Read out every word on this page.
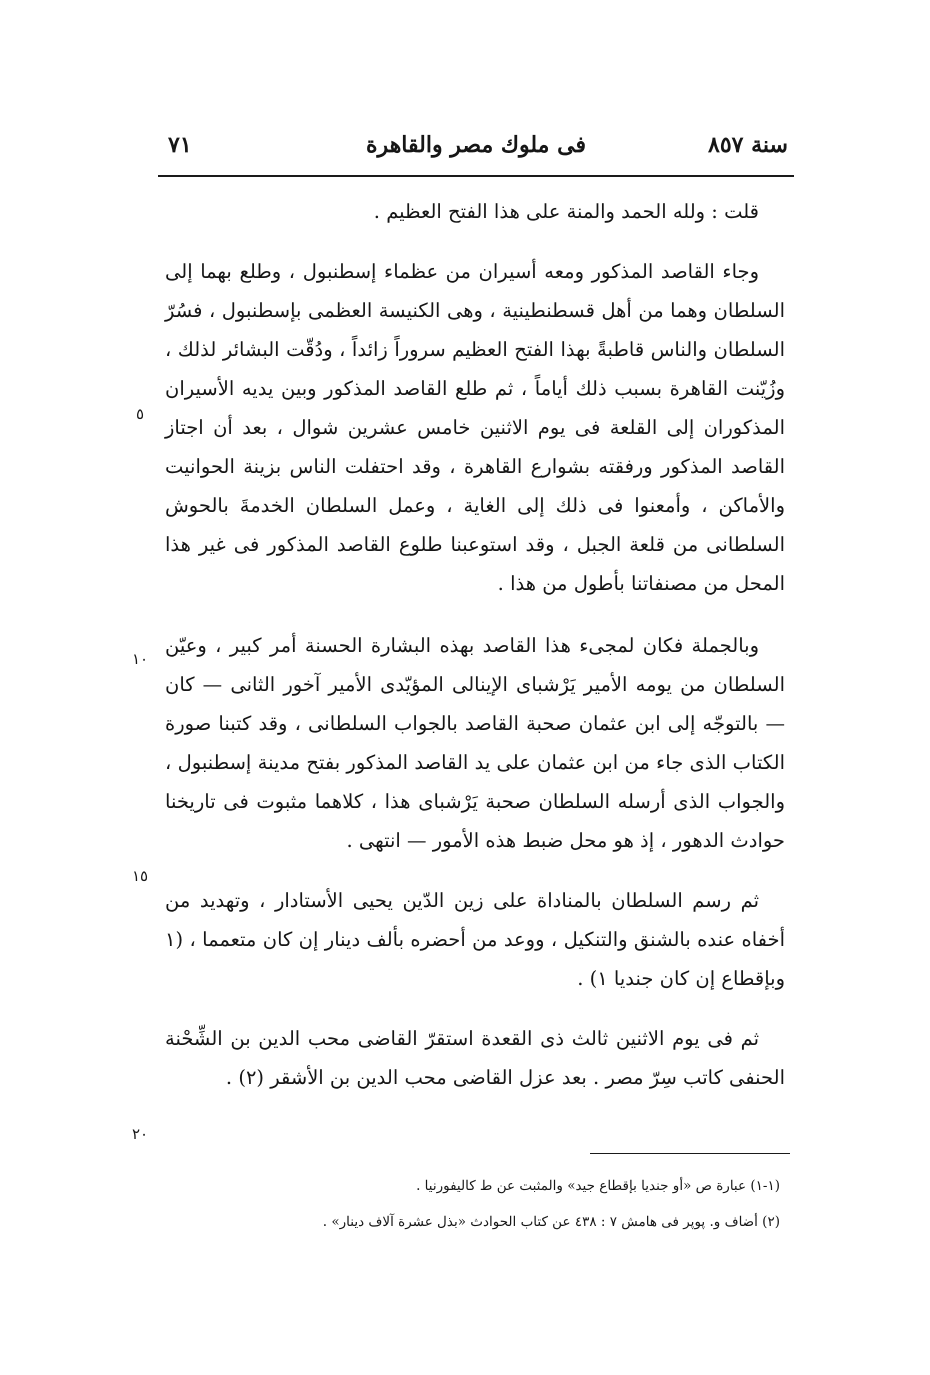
سنة ٨٥٧
فى ملوك مصر والقاهرة
٧١

قلت : ولله الحمد والمنة على هذا الفتح العظيم .

وجاء القاصد المذكور ومعه أسيران من عظماء إسطنبول ، وطلع بهما إلى السلطان وهما من أهل قسطنطينية ، وهى الكنيسة العظمى بإسطنبول ، فسُرّ السلطان والناس قاطبةً بهذا الفتح العظيم سروراً زائداً ، ودُقّت البشائر لذلك ، وزُيّنت القاهرة بسبب ذلك أياماً ، ثم طلع القاصد المذكور وبين يديه الأسيران المذكوران إلى القلعة فى يوم الاثنين خامس عشرين شوال ، بعد أن اجتاز القاصد المذكور ورفقته بشوارع القاهرة ، وقد احتفلت الناس بزينة الحوانيت والأماكن ، وأمعنوا فى ذلك إلى الغاية ، وعمل السلطان الخدمةَ بالحوش السلطانى من قلعة الجبل ، وقد استوعبنا طلوع القاصد المذكور فى غير هذا المحل من مصنفاتنا بأطول من هذا .

وبالجملة فكان لمجىء هذا القاصد بهذه البشارة الحسنة أمر كبير ، وعيّن السلطان من يومه الأمير يَرْشباى الإينالى المؤيّدى الأمير آخور الثانى — كان — بالتوجّه إلى ابن عثمان صحبة القاصد بالجواب السلطانى ، وقد كتبنا صورة الكتاب الذى جاء من ابن عثمان على يد القاصد المذكور بفتح مدينة إسطنبول ، والجواب الذى أرسله السلطان صحبة يَرْشباى هذا ، كلاهما مثبوت فى تاريخنا حوادث الدهور ، إذ هو محل ضبط هذه الأمور — انتهى .

ثم رسم السلطان بالمناداة على زين الدّين يحيى الأستادار ، وتهديد من أخفاه عنده بالشنق والتنكيل ، ووعد من أحضره بألف دينار إن كان متعمما ، (١ وبإقطاع إن كان جنديا ١) .

ثم فى يوم الاثنين ثالث ذى القعدة استقرّ القاضى محب الدين بن الشِّحْنة الحنفى كاتب سِرّ مصر . بعد عزل القاضى محب الدين بن الأشقر (٢) .

٥
١٠
١٥
٢٠

(١-١) عبارة ص «أو جنديا بإقطاع جيد» والمثبت عن ط كاليفورنيا .

(٢) أضاف و. پوپر فى هامش ٧ : ٤٣٨ عن كتاب الحوادث «بذل عشرة آلاف دينار» .
